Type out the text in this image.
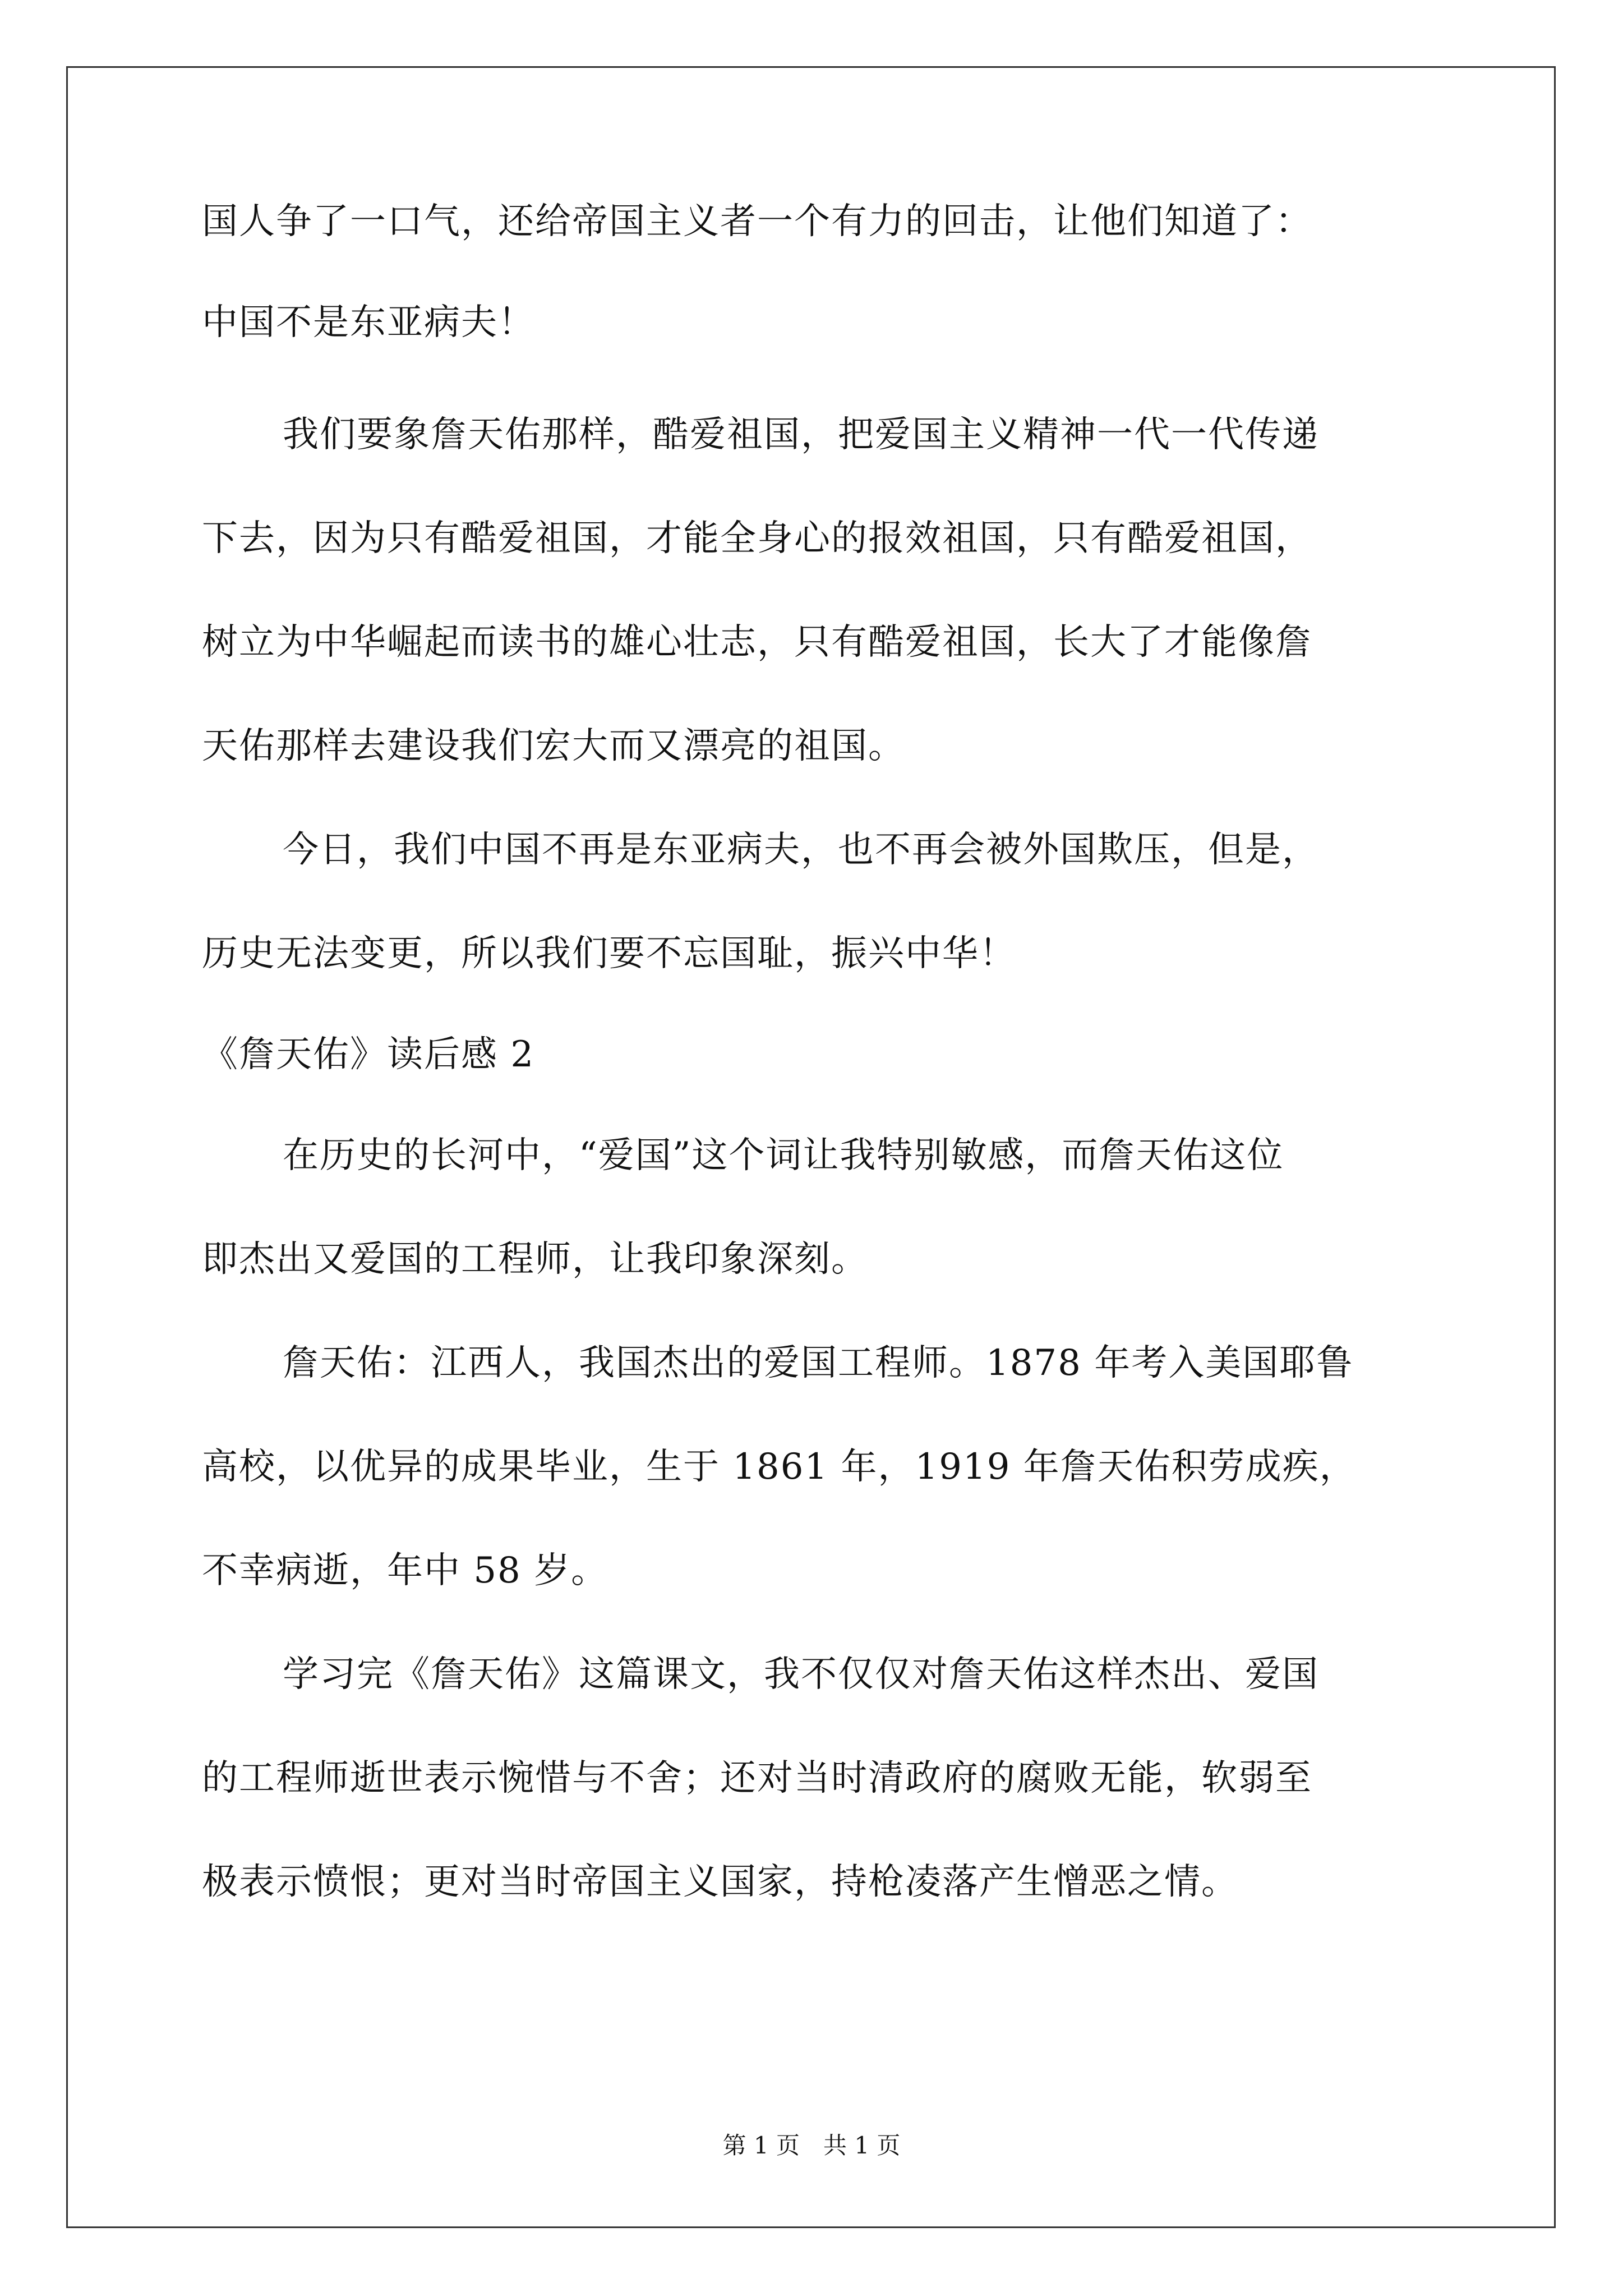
国人争了一口气，还给帝国主义者一个有力的回击，让他们知道了：
中国不是东亚病夫！
我们要象詹天佑那样，酷爱祖国，把爱国主义精神一代一代传递
下去，因为只有酷爱祖国，才能全身心的报效祖国，只有酷爱祖国，
树立为中华崛起而读书的雄心壮志，只有酷爱祖国，长大了才能像詹
天佑那样去建设我们宏大而又漂亮的祖国。
今日，我们中国不再是东亚病夫，也不再会被外国欺压，但是，
历史无法变更，所以我们要不忘国耻，振兴中华！
《詹天佑》读后感 2
在历史的长河中，“爱国”这个词让我特别敏感，而詹天佑这位
即杰出又爱国的工程师，让我印象深刻。
詹天佑：江西人，我国杰出的爱国工程师。1878 年考入美国耶鲁
高校，以优异的成果毕业，生于 1861 年，1919 年詹天佑积劳成疾，
不幸病逝，年中 58 岁。
学习完《詹天佑》这篇课文，我不仅仅对詹天佑这样杰出、爱国
的工程师逝世表示惋惜与不舍；还对当时清政府的腐败无能，软弱至
极表示愤恨；更对当时帝国主义国家，持枪凌落产生憎恶之情。
第 1 页 共 1 页
